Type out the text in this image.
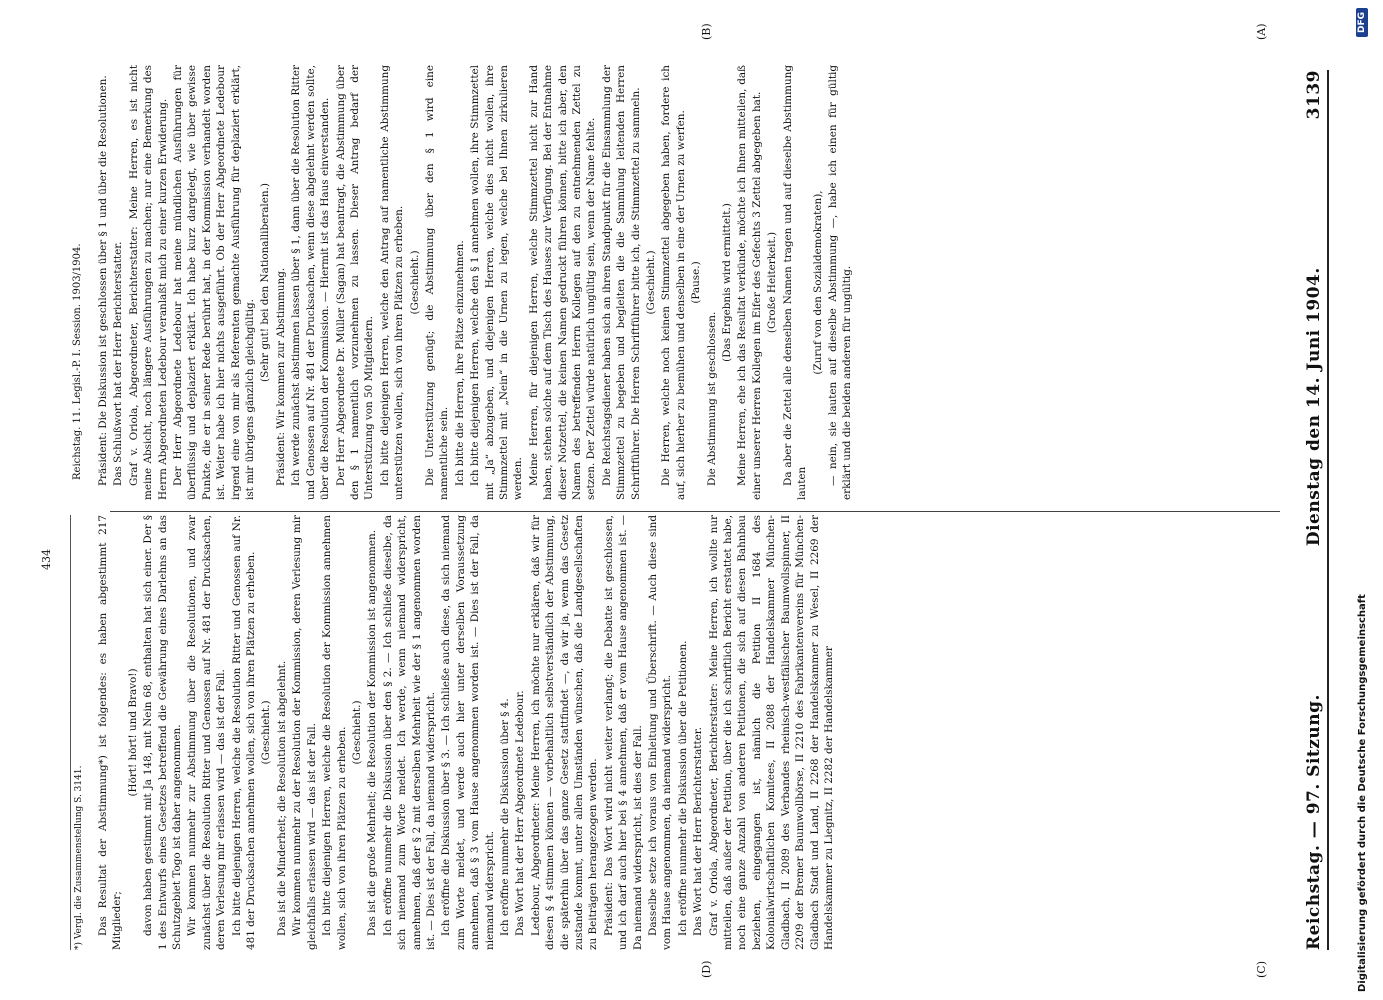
Reichstag. — 97. Sitzung.
Dienstag den 14. Juni 1904.
3139
(A)
(B)
(C)
(D)

Präsident: Die Diskussion ist geschlossen über § 1 und über die Resolutionen. Das Schlußwort hat der Herr Berichterstatter. Graf v. Oriola, Abgeordneter, Berichterstatter: Meine Herren, es ist nicht meine Absicht, noch längere Ausführungen zu machen; nur eine Bemerkung des Herrn Abgeordneten Ledebour veranlaßt mich zu einer kurzen Erwiderung. Der Herr Abgeordnete Ledebour hat meine mündlichen Ausführungen für überflüssig und deplaziert erklärt. Ich habe kurz dargelegt, wie über gewisse Punkte, die er in seiner Rede berührt hat, in der Kommission verhandelt worden ist. Weiter habe ich hier nichts ausgeführt. Ob der Herr Abgeordnete Ledebour irgend eine von mir als Referenten gemachte Ausführung für deplaziert erklärt, ist mir übrigens gänzlich gleichgültig.

(Sehr gut! bei den Nationalliberalen.) Präsident: Wir kommen zur Abstimmung. Ich werde zunächst abstimmen lassen über § 1, dann über die Resolution Ritter und Genossen auf Nr. 481 der Drucksachen, wenn diese abgelehnt werden sollte, über die Resolution der Kommission. — Hiermit ist das Haus einverstanden. Der Herr Abgeordnete Dr. Müller (Sagan) hat beantragt, die Abstimmung über den § 1 namentlich vorzunehmen zu lassen. Dieser Antrag bedarf der Unterstützung von 50 Mitgliedern. Ich bitte diejenigen Herren, welche den Antrag auf namentliche Abstimmung unterstützen wollen, sich von ihren Plätzen zu erheben. (Geschieht.) Die Unterstützung genügt; die Abstimmung über den § 1 wird eine namentliche sein. Ich bitte die Herren, ihre Plätze einzunehmen. Ich bitte diejenigen Herren, welche den § 1 annehmen wollen, ihre Stimmzettel mit „Ja“ abzugeben, und diejenigen Herren, welche dies nicht wollen, ihre Stimmzettel mit „Nein“ in die Urnen zu legen, welche bei Ihnen zirkulieren werden. Meine Herren, für diejenigen Herren, welche Stimmzettel nicht zur Hand haben, stehen solche auf dem Tisch des Hauses zur Verfügung. Bei der Entnahme dieser Notzettel, die keinen Namen gedruckt führen können, bitte ich aber, den Namen des betreffenden Herrn Kollegen auf den zu entnehmenden Zettel zu setzen. Der Zettel würde natürlich ungültig sein, wenn der Name fehlte. Die Reichstagsdiener haben sich an ihren Standpunkt für die Einsammlung der Stimmzettel zu begeben und begleiten die die Sammlung leitenden Herren Schriftführer. Die Herren Schriftführer bitte ich, die Stimmzettel zu sammeln. (Geschieht.) Die Herren, welche noch keinen Stimmzettel abgegeben haben, fordere ich auf, sich hierher zu bemühen und denselben in eine der Urnen zu werfen. (Pause.)

Die Abstimmung ist geschlossen.

(Das Ergebnis wird ermittelt.) Meine Herren, ehe ich das Resultat verkünde, möchte ich Ihnen mitteilen, daß einer unserer Herren Kollegen im Eifer des Gefechts 3 Zettel abgegeben hat. (Große Heiterkeit.) Da aber die Zettel alle denselben Namen tragen und auf dieselbe Abstimmung lauten

(Zuruf von den Sozialdemokraten), — nein, sie lauten auf dieselbe Abstimmung —, habe ich einen für gültig erklärt und die beiden anderen für ungültig.

Das Resultat der Abstimmung*) ist folgendes: es haben abgestimmt 217 Mitglieder;

(Hört! hört! und Bravo!) davon haben gestimmt mit Ja 148, mit Nein 68, enthalten hat sich einer. Der § 1 des Entwurfs eines Gesetzes betreffend die Gewährung eines Darlehns an das Schutzgebiet Togo ist daher angenommen. Wir kommen nunmehr zur Abstimmung über die Resolutionen, und zwar zunächst über die Resolution Ritter und Genossen auf Nr. 481 der Drucksachen, deren Verlesung mir erlassen wird — das ist der Fall. Ich bitte diejenigen Herren, welche die Resolution Ritter und Genossen auf Nr. 481 der Drucksachen annehmen wollen, sich von ihren Plätzen zu erheben. (Geschieht.) Das ist die Minderheit; die Resolution ist abgelehnt. Wir kommen nunmehr zu der Resolution der Kommission, deren Verlesung mir gleichfalls erlassen wird — das ist der Fall. Ich bitte diejenigen Herren, welche die Resolution der Kommission annehmen wollen, sich von ihren Plätzen zu erheben. (Geschieht.) Das ist die große Mehrheit; die Resolution der Kommission ist angenommen. Ich eröffne nunmehr die Diskussion über den § 2. — Ich schließe dieselbe, da sich niemand zum Worte meldet. Ich werde, wenn niemand widerspricht, annehmen, daß der § 2 mit derselben Mehrheit wie der § 1 angenommen worden ist. — Dies ist der Fall, da niemand widerspricht. Ich eröffne die Diskussion über § 3. — Ich schließe auch diese, da sich niemand zum Worte meldet, und werde auch hier unter derselben Voraussetzung annehmen, daß § 3 vom Hause angenommen worden ist. — Dies ist der Fall, da niemand widerspricht. Ich eröffne nunmehr die Diskussion über § 4. Das Wort hat der Herr Abgeordnete Ledebour. Ledebour, Abgeordneter: Meine Herren, ich möchte nur erklären, daß wir für diesen § 4 stimmen können — vorbehaltlich selbstverständlich der Abstimmung, die späterhin über das ganze Gesetz stattfindet —, da wir ja, wenn das Gesetz zustande kommt, unter allen Umständen wünschen, daß die Landgesellschaften zu Beiträgen herangezogen werden. Präsident: Das Wort wird nicht weiter verlangt; die Debatte ist geschlossen, und ich darf auch hier bei § 4 annehmen, daß er vom Hause angenommen ist. — Da niemand widerspricht, ist dies der Fall. Dasselbe setze ich voraus von Einleitung und Überschrift. — Auch diese sind vom Hause angenommen, da niemand widerspricht. Ich eröffne nunmehr die Diskussion über die Petitionen. Das Wort hat der Herr Berichterstatter. Graf v. Oriola, Abgeordneter, Berichterstatter: Meine Herren, ich wollte nur mitteilen, daß außer der Petition, über die ich schriftlich Bericht erstattet habe, noch eine ganze Anzahl von anderen Petitionen, die sich auf diesen Bahnbau beziehen, eingegangen ist, nämlich die Petition II 1684 des Kolonialwirtschaftlichen Komitees, II 2088 der Handelskammer München-Gladbach, II 2089 des Verbandes rheinisch-westfälischer Baumwollspinner, II 2209 der Bremer Baumwollbörse, II 2210 des Fabrikantenvereins für München-Gladbach Stadt und Land, II 2268 der Handelskammer zu Wesel, II 2269 der Handelskammer zu Liegnitz, II 2282 der Handelskammer

*) Vergl. die Zusammenstellung S. 3141.
Reichstag. 11. Legisl.-P. I. Session. 1903/1904.
434
Digitalisierung gefördert durch die Deutsche Forschungsgemeinschaft
DFG
